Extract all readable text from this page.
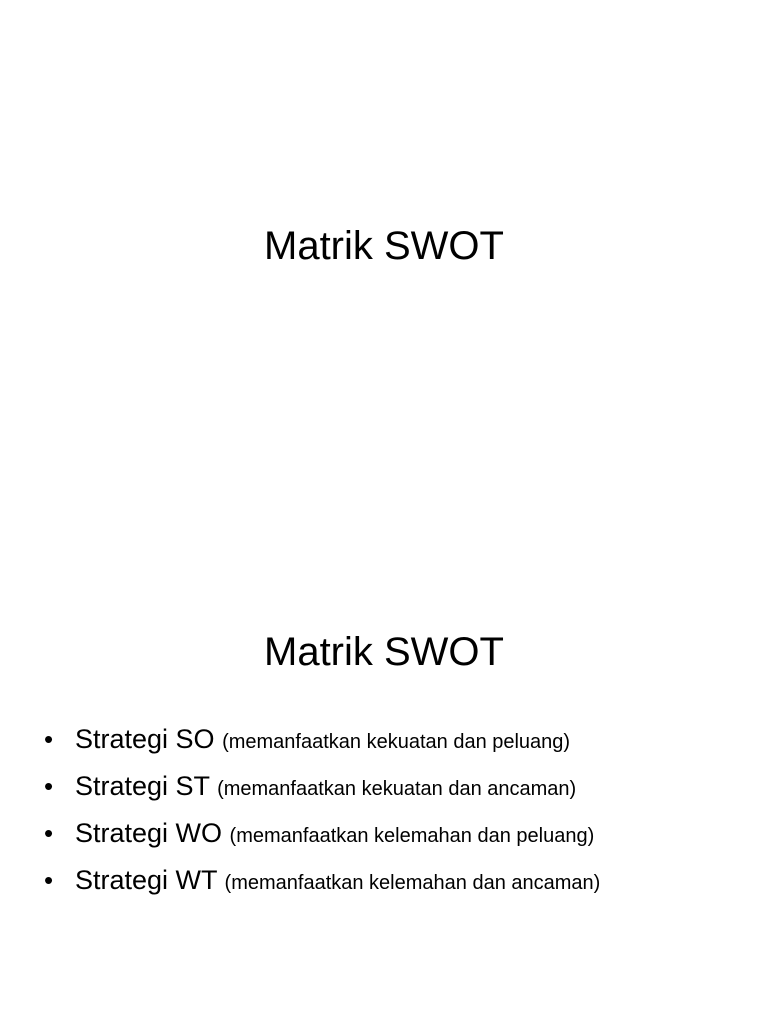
Matrik SWOT
Matrik SWOT
• Strategi SO (memanfaatkan kekuatan dan peluang)
• Strategi ST (memanfaatkan kekuatan dan ancaman)
• Strategi WO (memanfaatkan kelemahan dan peluang)
• Strategi WT (memanfaatkan kelemahan dan ancaman)
